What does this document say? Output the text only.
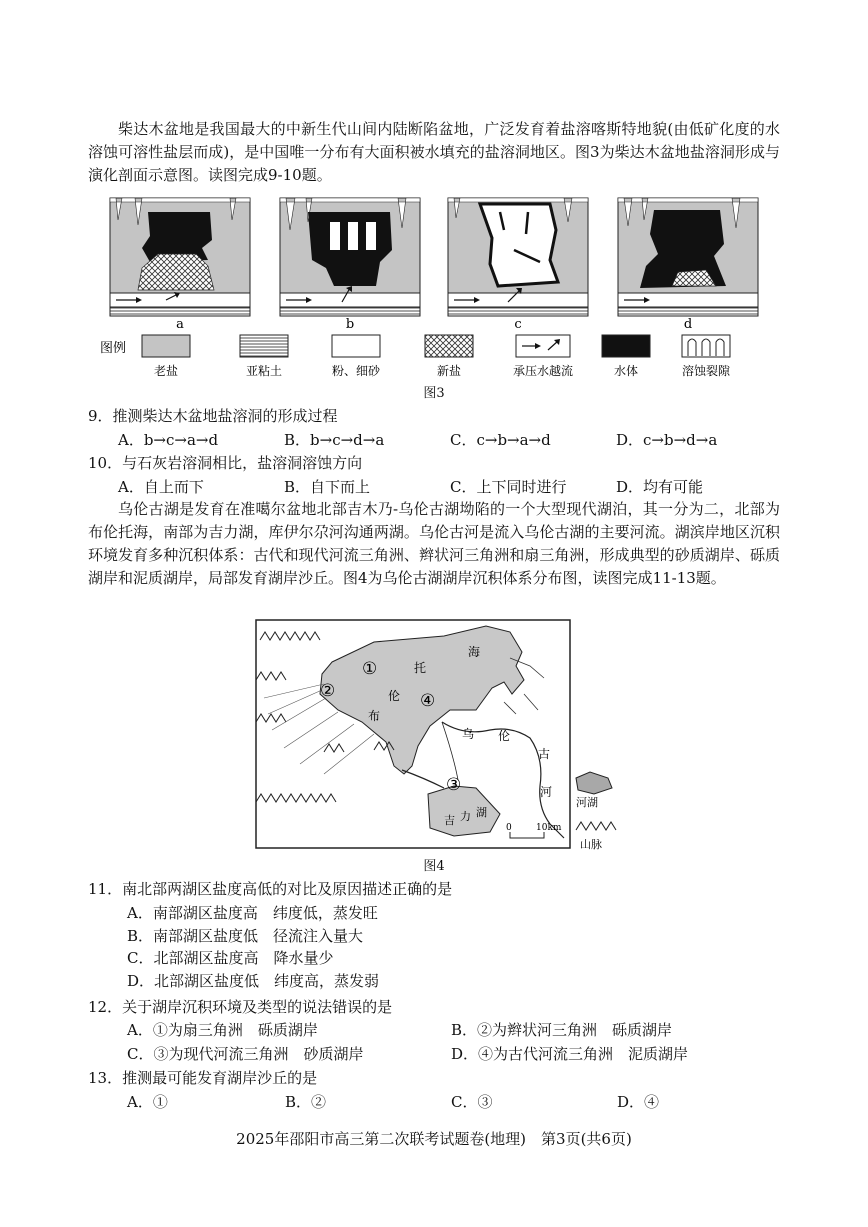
柴达木盆地是我国最大的中新生代山间内陆断陷盆地，广泛发育着盐溶喀斯特地貌(由低矿化度的水溶蚀可溶性盐层而成)，是中国唯一分布有大面积被水填充的盐溶洞地区。图3为柴达木盆地盐溶洞形成与演化剖面示意图。读图完成9-10题。
a	b	c	d
图例
老盐	亚粘土	粉、细砂	新盐	承压水越流	水体	溶蚀裂隙
图3
9．推测柴达木盆地盐溶洞的形成过程
A．b→c→a→d	B．b→c→d→a	C．c→b→a→d	D．c→b→d→a
10．与石灰岩溶洞相比，盐溶洞溶蚀方向
A．自上而下	B．自下而上	C．上下同时进行	D．均有可能
乌伦古湖是发育在准噶尔盆地北部吉木乃-乌伦古湖坳陷的一个大型现代湖泊，其一分为二，北部为布伦托海，南部为吉力湖，库伊尔尕河沟通两湖。乌伦古河是流入乌伦古湖的主要河流。湖滨岸地区沉积环境发育多种沉积体系：古代和现代河流三角洲、辫状河三角洲和扇三角洲，形成典型的砂质湖岸、砾质湖岸和泥质湖岸，局部发育湖岸沙丘。图4为乌伦古湖湖岸沉积体系分布图，读图完成11-13题。
布
伦
托
海
吉 力 湖
乌 伦
古
河
①
②
③
④
0	10km
河湖
山脉
图4
11．南北部两湖区盐度高低的对比及原因描述正确的是
A．南部湖区盐度高　纬度低，蒸发旺
B．南部湖区盐度低　径流注入量大
C．北部湖区盐度高　降水量少
D．北部湖区盐度低　纬度高，蒸发弱
12．关于湖岸沉积环境及类型的说法错误的是
A．①为扇三角洲　砾质湖岸	B．②为辫状河三角洲　砾质湖岸
C．③为现代河流三角洲　砂质湖岸	D．④为古代河流三角洲　泥质湖岸
13．推测最可能发育湖岸沙丘的是
A．①	B．②	C．③	D．④
2025年邵阳市高三第二次联考试题卷(地理)　第3页(共6页)
